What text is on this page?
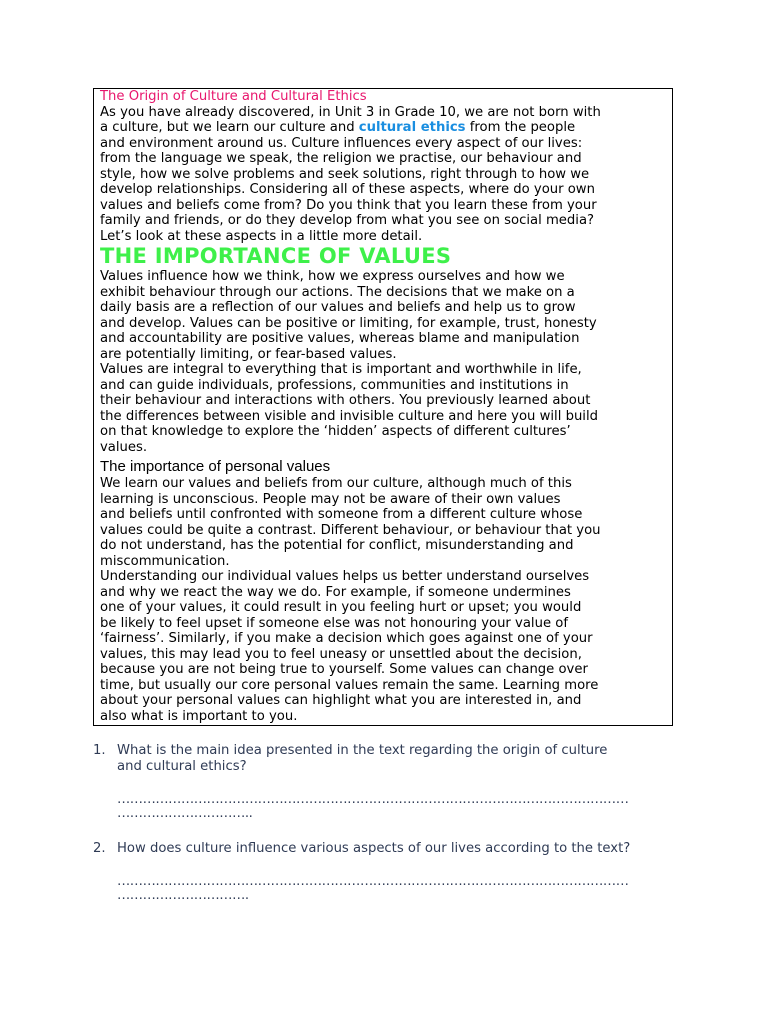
The Origin of Culture and Cultural Ethics

As you have already discovered, in Unit 3 in Grade 10, we are not born with
a culture, but we learn our culture and cultural ethics from the people
and environment around us. Culture influences every aspect of our lives:
from the language we speak, the religion we practise, our behaviour and
style, how we solve problems and seek solutions, right through to how we
develop relationships. Considering all of these aspects, where do your own
values and beliefs come from? Do you think that you learn these from your
family and friends, or do they develop from what you see on social media?
Let’s look at these aspects in a little more detail.

THE IMPORTANCE OF VALUES

Values influence how we think, how we express ourselves and how we
exhibit behaviour through our actions. The decisions that we make on a
daily basis are a reflection of our values and beliefs and help us to grow
and develop. Values can be positive or limiting, for example, trust, honesty
and accountability are positive values, whereas blame and manipulation
are potentially limiting, or fear-based values.

Values are integral to everything that is important and worthwhile in life,
and can guide individuals, professions, communities and institutions in
their behaviour and interactions with others. You previously learned about
the differences between visible and invisible culture and here you will build
on that knowledge to explore the ‘hidden’ aspects of different cultures’
values.

The importance of personal values

We learn our values and beliefs from our culture, although much of this
learning is unconscious. People may not be aware of their own values
and beliefs until confronted with someone from a different culture whose
values could be quite a contrast. Different behaviour, or behaviour that you
do not understand, has the potential for conflict, misunderstanding and
miscommunication.

Understanding our individual values helps us better understand ourselves
and why we react the way we do. For example, if someone undermines
one of your values, it could result in you feeling hurt or upset; you would
be likely to feel upset if someone else was not honouring your value of
‘fairness’. Similarly, if you make a decision which goes against one of your
values, this may lead you to feel uneasy or unsettled about the decision,
because you are not being true to yourself. Some values can change over
time, but usually our core personal values remain the same. Learning more
about your personal values can highlight what you are interested in, and
also what is important to you.

1. What is the main idea presented in the text regarding the origin of culture
and cultural ethics?

…………………………………………………………………………………………………………
…………………………..

2. How does culture influence various aspects of our lives according to the text?

…………………………………………………………………………………………………………
………………………….
